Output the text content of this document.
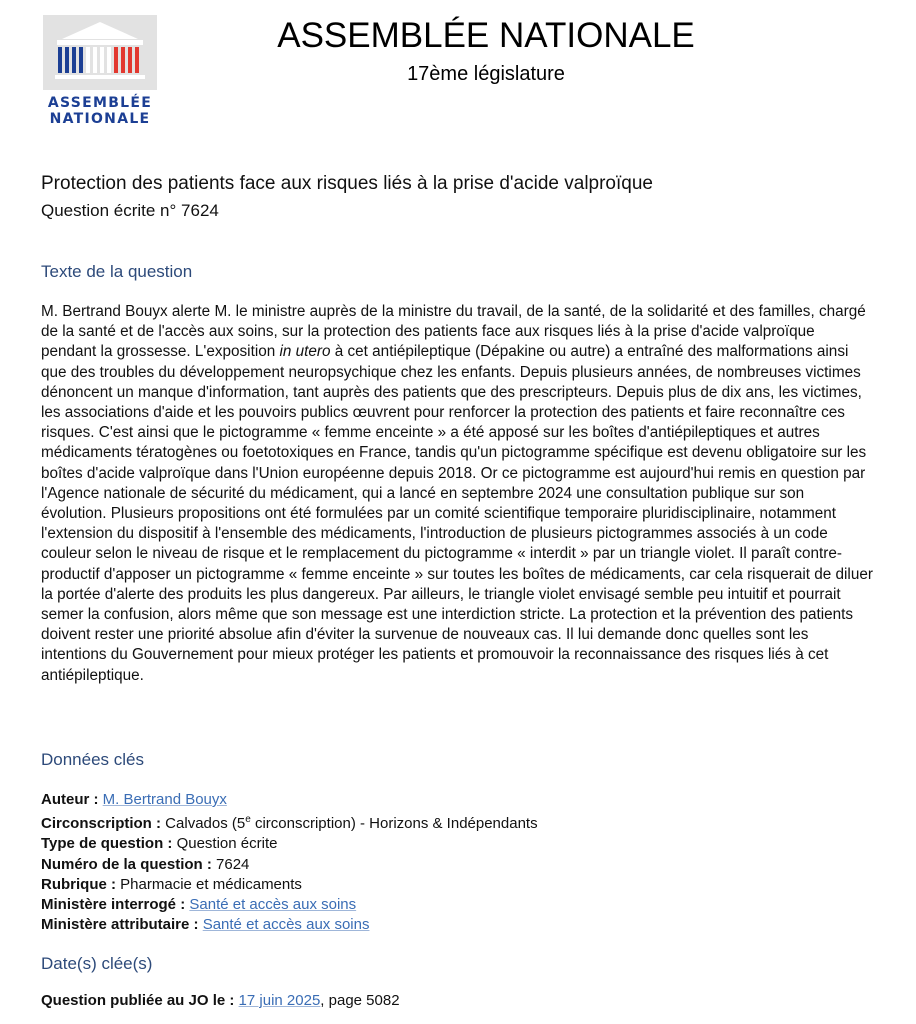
ASSEMBLÉE
NATIONALE
ASSEMBLÉE NATIONALE
17ème législature
Protection des patients face aux risques liés à la prise d'acide valproïque
Question écrite n° 7624
Texte de la question

M. Bertrand Bouyx alerte M. le ministre auprès de la ministre du travail, de la santé, de la solidarité et des familles, chargé de la santé et de l'accès aux soins, sur la protection des patients face aux risques liés à la prise d'acide valproïque pendant la grossesse. L'exposition in utero à cet antiépileptique (Dépakine ou autre) a entraîné des malformations ainsi que des troubles du développement neuropsychique chez les enfants. Depuis plusieurs années, de nombreuses victimes dénoncent un manque d'information, tant auprès des patients que des prescripteurs. Depuis plus de dix ans, les victimes, les associations d'aide et les pouvoirs publics œuvrent pour renforcer la protection des patients et faire reconnaître ces risques. C'est ainsi que le pictogramme « femme enceinte » a été apposé sur les boîtes d'antiépileptiques et autres médicaments tératogènes ou foetotoxiques en France, tandis qu'un pictogramme spécifique est devenu obligatoire sur les boîtes d'acide valproïque dans l'Union européenne depuis 2018. Or ce pictogramme est aujourd'hui remis en question par l'Agence nationale de sécurité du médicament, qui a lancé en septembre 2024 une consultation publique sur son évolution. Plusieurs propositions ont été formulées par un comité scientifique temporaire pluridisciplinaire, notamment l'extension du dispositif à l'ensemble des médicaments, l'introduction de plusieurs pictogrammes associés à un code couleur selon le niveau de risque et le remplacement du pictogramme « interdit » par un triangle violet. Il paraît contre-productif d'apposer un pictogramme « femme enceinte » sur toutes les boîtes de médicaments, car cela risquerait de diluer la portée d'alerte des produits les plus dangereux. Par ailleurs, le triangle violet envisagé semble peu intuitif et pourrait semer la confusion, alors même que son message est une interdiction stricte. La protection et la prévention des patients doivent rester une priorité absolue afin d'éviter la survenue de nouveaux cas. Il lui demande donc quelles sont les intentions du Gouvernement pour mieux protéger les patients et promouvoir la reconnaissance des risques liés à cet antiépileptique.

Données clés
Auteur : M. Bertrand Bouyx
Circonscription : Calvados (5e circonscription) - Horizons & Indépendants
Type de question : Question écrite
Numéro de la question : 7624
Rubrique : Pharmacie et médicaments
Ministère interrogé : Santé et accès aux soins
Ministère attributaire : Santé et accès aux soins
Date(s) clée(s)
Question publiée au JO le : 17 juin 2025, page 5082
